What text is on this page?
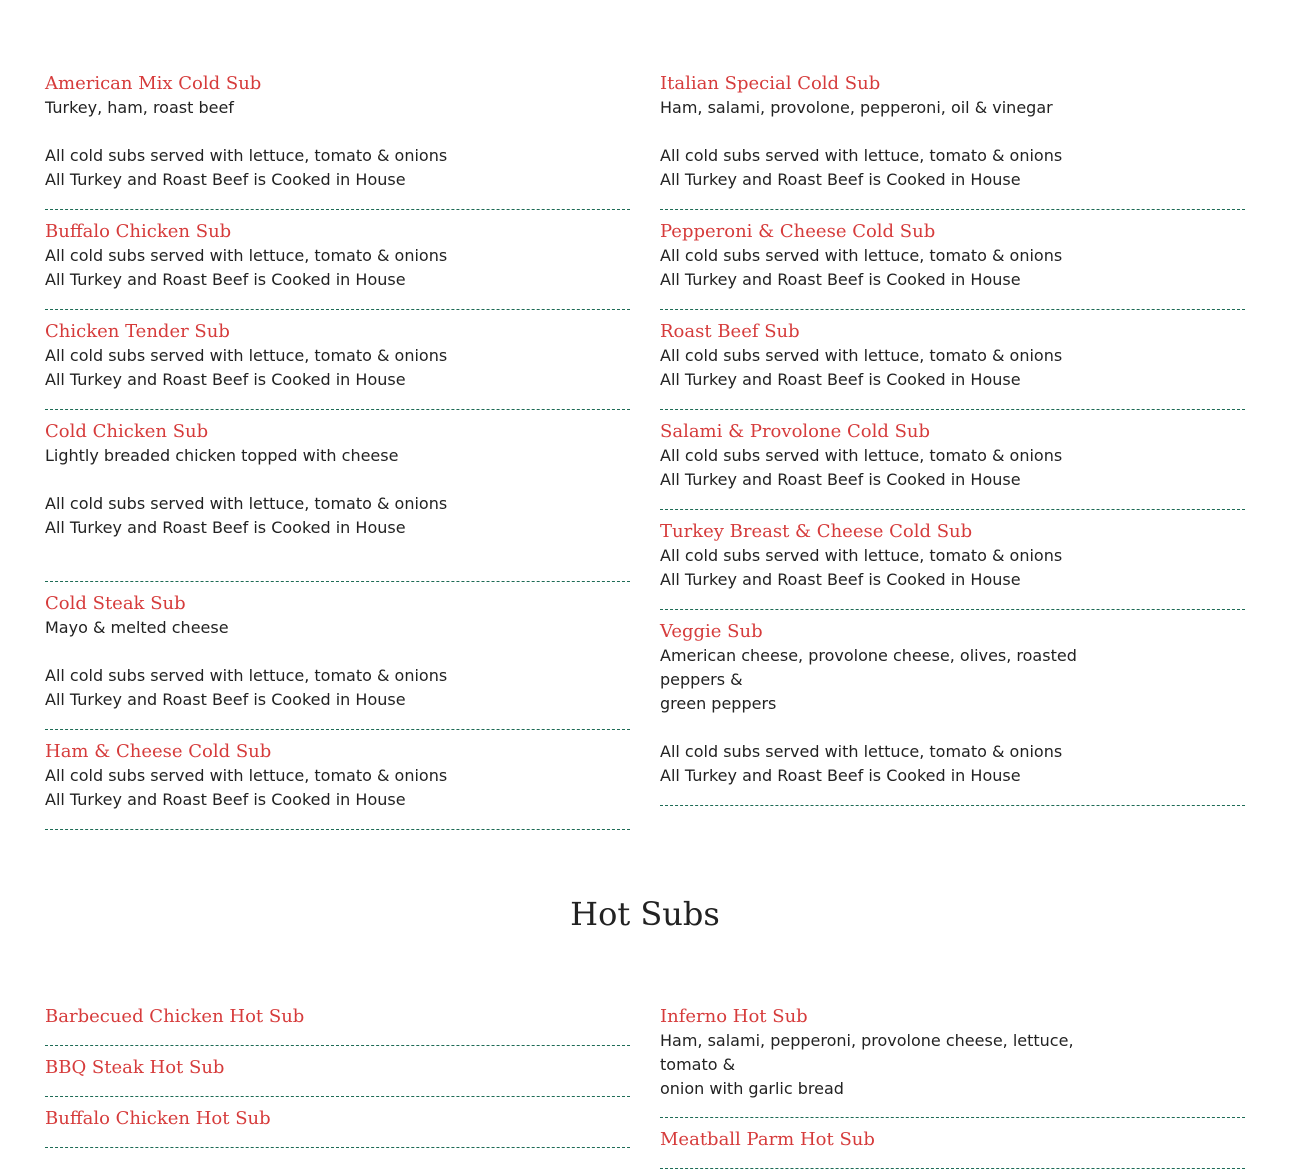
American Mix Cold Sub

Turkey, ham, roast beef

All cold subs served with lettuce, tomato & onions

All Turkey and Roast Beef is Cooked in House

Buffalo Chicken Sub

All cold subs served with lettuce, tomato & onions

All Turkey and Roast Beef is Cooked in House

Chicken Tender Sub

All cold subs served with lettuce, tomato & onions

All Turkey and Roast Beef is Cooked in House

Cold Chicken Sub

Lightly breaded chicken topped with cheese

All cold subs served with lettuce, tomato & onions

All Turkey and Roast Beef is Cooked in House

Cold Steak Sub

Mayo & melted cheese

All cold subs served with lettuce, tomato & onions

All Turkey and Roast Beef is Cooked in House

Ham & Cheese Cold Sub

All cold subs served with lettuce, tomato & onions

All Turkey and Roast Beef is Cooked in House

Italian Special Cold Sub

Ham, salami, provolone, pepperoni, oil & vinegar

All cold subs served with lettuce, tomato & onions

All Turkey and Roast Beef is Cooked in House

Pepperoni & Cheese Cold Sub

All cold subs served with lettuce, tomato & onions

All Turkey and Roast Beef is Cooked in House

Roast Beef Sub

All cold subs served with lettuce, tomato & onions

All Turkey and Roast Beef is Cooked in House

Salami & Provolone Cold Sub

All cold subs served with lettuce, tomato & onions

All Turkey and Roast Beef is Cooked in House

Turkey Breast & Cheese Cold Sub

All cold subs served with lettuce, tomato & onions

All Turkey and Roast Beef is Cooked in House

Veggie Sub

American cheese, provolone cheese, olives, roasted peppers &

green peppers

All cold subs served with lettuce, tomato & onions

All Turkey and Roast Beef is Cooked in House

Hot Subs
Barbecued Chicken Hot Sub
BBQ Steak Hot Sub
Buffalo Chicken Hot Sub
Inferno Hot Sub

Ham, salami, pepperoni, provolone cheese, lettuce, tomato &

onion with garlic bread

Meatball Parm Hot Sub
